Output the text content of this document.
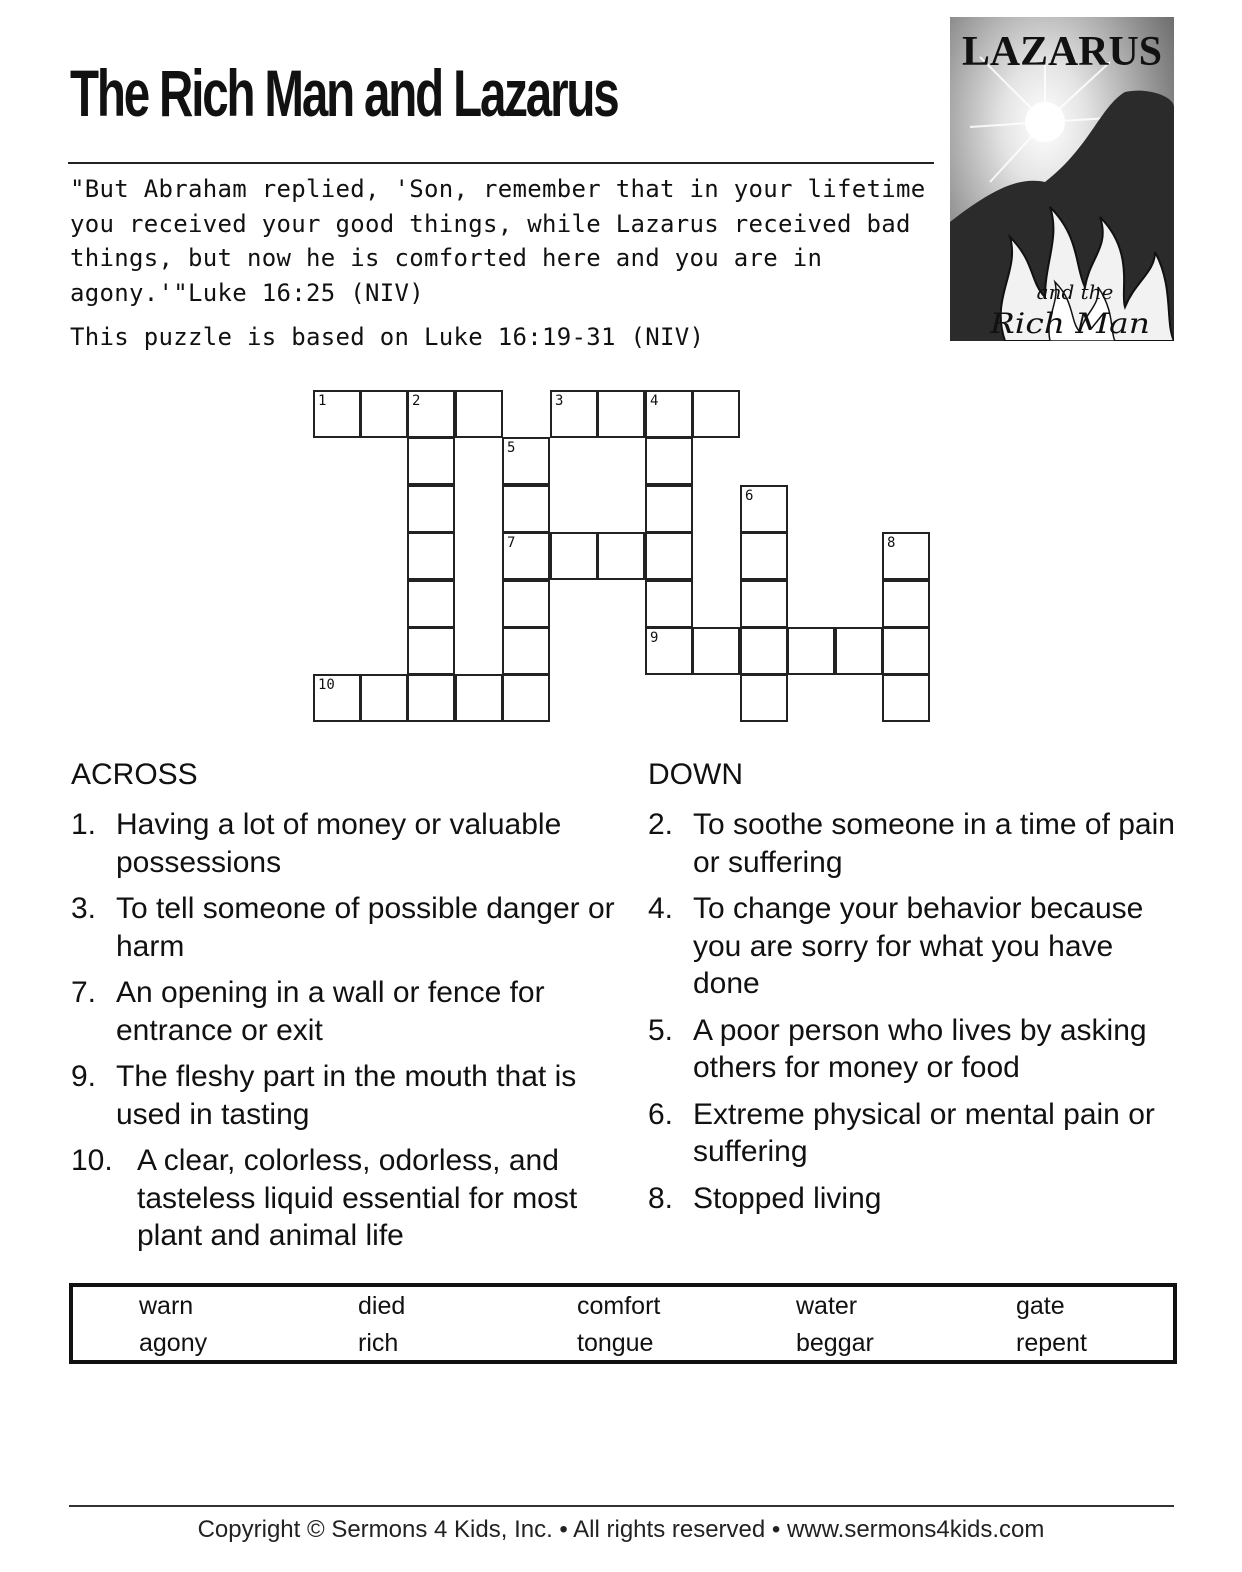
The Rich Man and Lazarus
"But Abraham replied, 'Son, remember that in your lifetime you received your good things, while Lazarus received bad things, but now he is comforted here and you are in agony.'"Luke 16:25 (NIV)
This puzzle is based on Luke 16:19-31 (NIV)
LAZARUS
and the
Rich Man
1	2	3	4
5
7
9
6
8
10
ACROSS	DOWN
1. Having a lot of money or valuable possessions
3. To tell someone of possible danger or harm
7. An opening in a wall or fence for entrance or exit
9. The fleshy part in the mouth that is used in tasting
10. A clear, colorless, odorless, and tasteless liquid essential for most plant and animal life
2. To soothe someone in a time of pain or suffering
4. To change your behavior because you are sorry for what you have done
5. A poor person who lives by asking others for money or food
6. Extreme physical or mental pain or suffering
8. Stopped living
warn	died	comfort	water	gate
agony	rich	tongue	beggar	repent
Copyright © Sermons 4 Kids, Inc. • All rights reserved • www.sermons4kids.com
